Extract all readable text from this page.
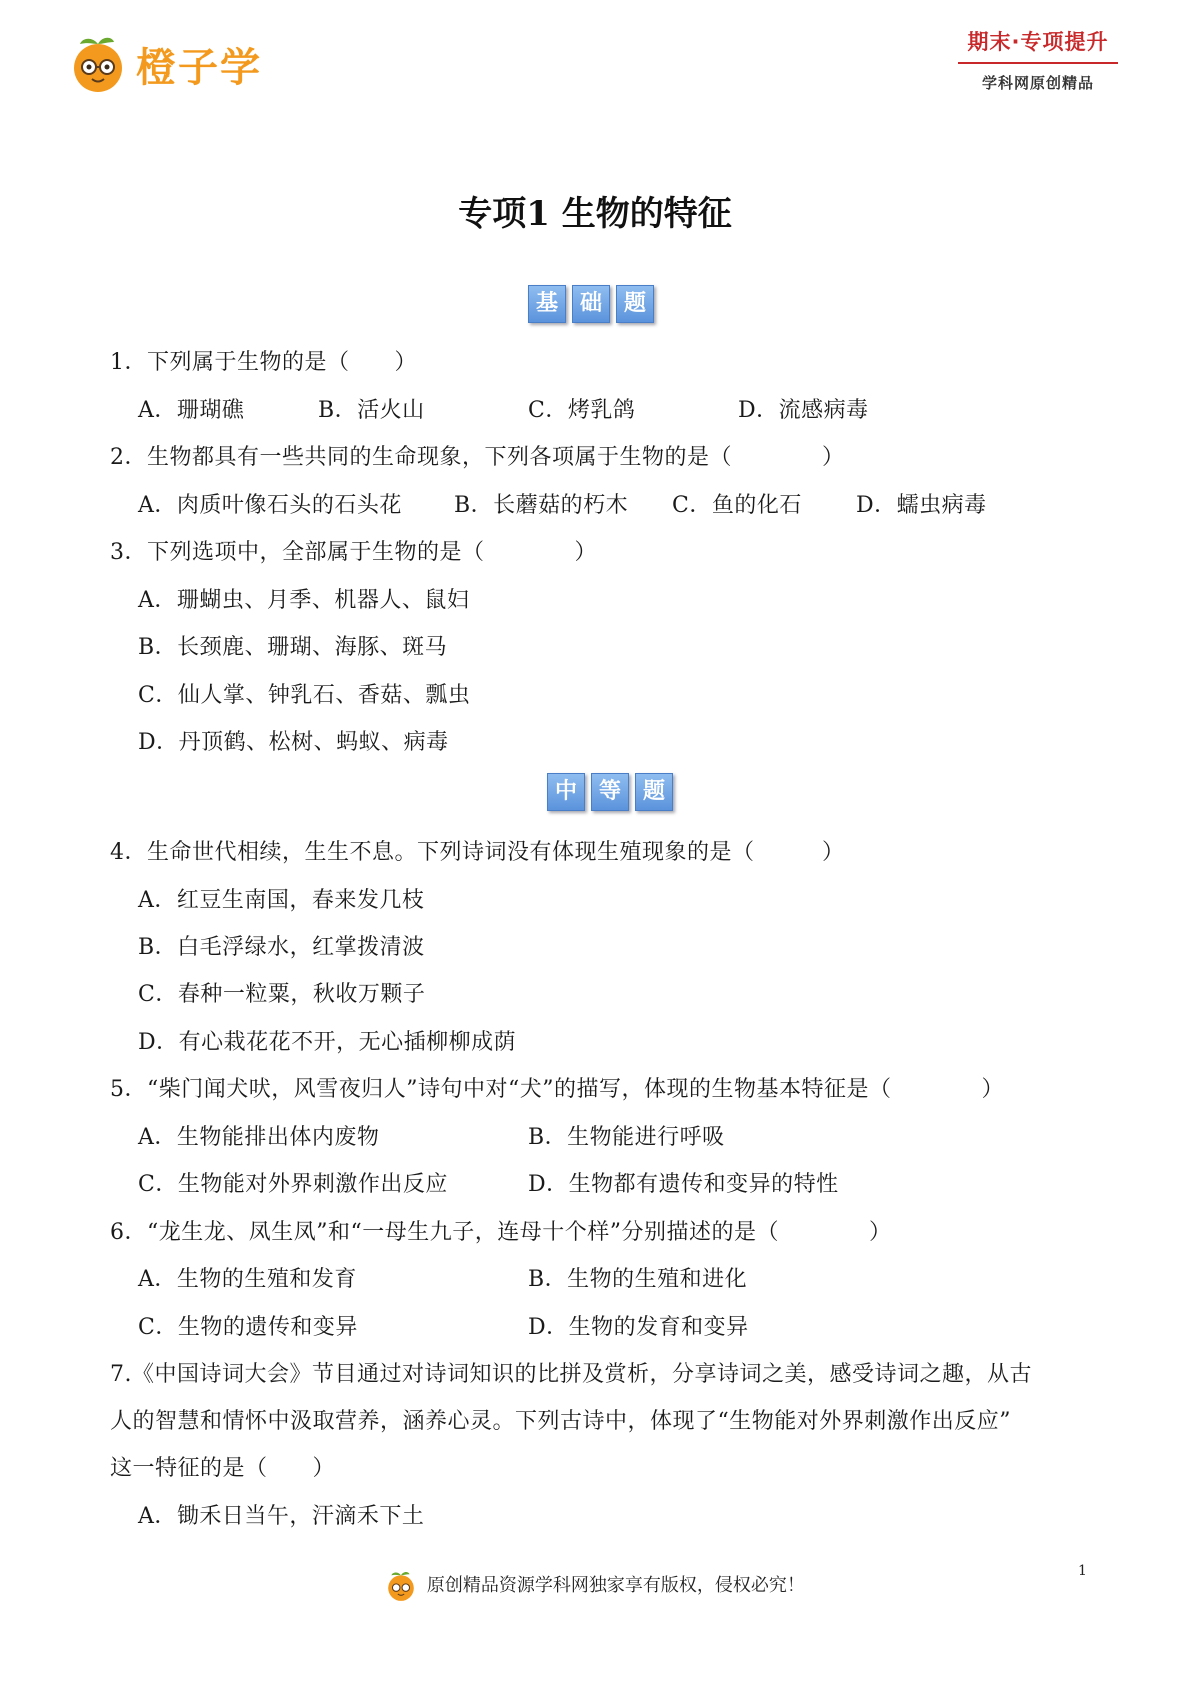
橙子学
期末·专项提升
学科网原创精品
专项1 生物的特征
基 础 题
1．下列属于生物的是（　　）
A．珊瑚礁	B．活火山	C．烤乳鸽	D．流感病毒
2．生物都具有一些共同的生命现象，下列各项属于生物的是（　　　　）
A．肉质叶像石头的石头花 B．长蘑菇的朽木 C．鱼的化石 D．蠕虫病毒
3．下列选项中，全部属于生物的是（　　　　）
A．珊蝴虫、月季、机器人、鼠妇
B．长颈鹿、珊瑚、海豚、斑马
C．仙人掌、钟乳石、香菇、瓢虫
D．丹顶鹤、松树、蚂蚁、病毒
中 等 题
4．生命世代相续，生生不息。下列诗词没有体现生殖现象的是（　　　）
A．红豆生南国，春来发几枝
B．白毛浮绿水，红掌拨清波
C．春种一粒粟，秋收万颗子
D．有心栽花花不开，无心插柳柳成荫
5．“柴门闻犬吠，风雪夜归人”诗句中对“犬”的描写，体现的生物基本特征是（　　　　）
A．生物能排出体内废物	B．生物能进行呼吸
C．生物能对外界刺激作出反应	D．生物都有遗传和变异的特性
6．“龙生龙、凤生凤”和“一母生九子，连母十个样”分别描述的是（　　　　）
A．生物的生殖和发育	B．生物的生殖和进化
C．生物的遗传和变异	D．生物的发育和变异
7.《中国诗词大会》节目通过对诗词知识的比拼及赏析，分享诗词之美，感受诗词之趣，从古
人的智慧和情怀中汲取营养，涵养心灵。下列古诗中，体现了“生物能对外界刺激作出反应”
这一特征的是（　　）
A．锄禾日当午，汗滴禾下土
原创精品资源学科网独家享有版权，侵权必究！
1
